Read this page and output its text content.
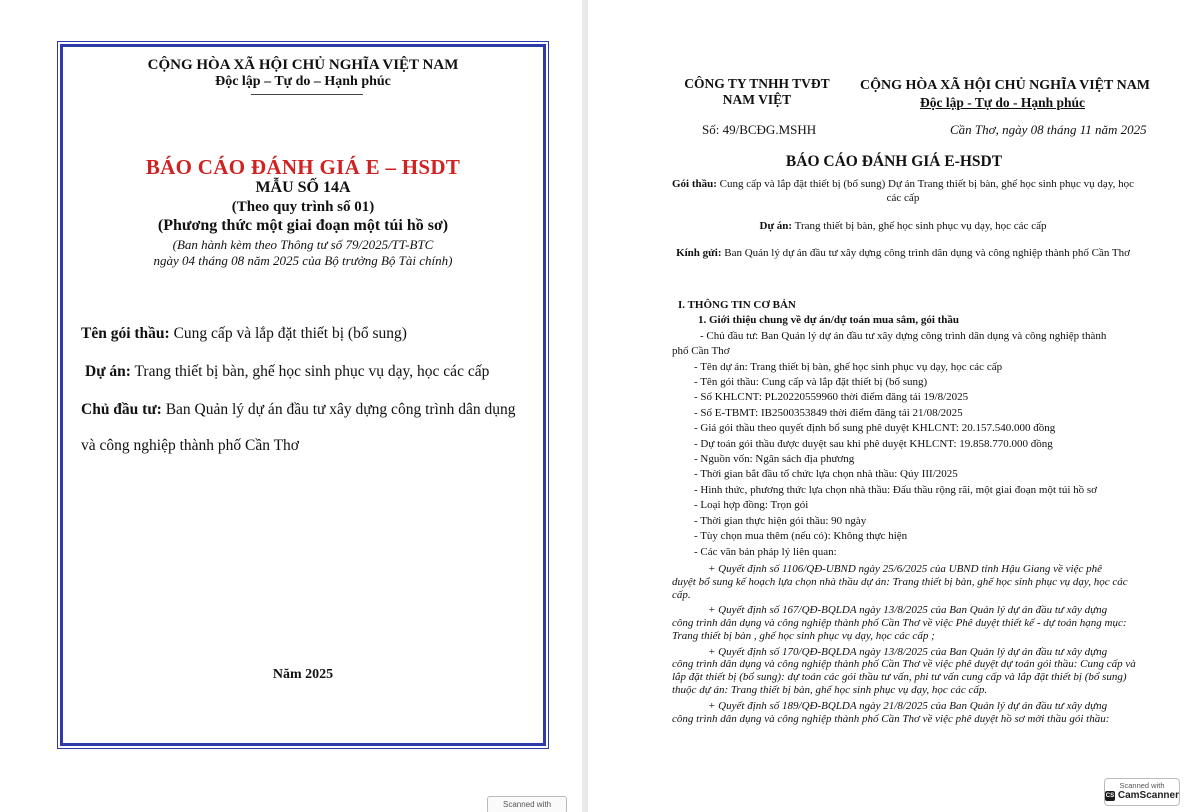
CỘNG HÒA XÃ HỘI CHỦ NGHĨA VIỆT NAM
Độc lập – Tự do – Hạnh phúc
BÁO CÁO ĐÁNH GIÁ E – HSDT
MẪU SỐ 14A
(Theo quy trình số 01)
(Phương thức một giai đoạn một túi hồ sơ)
(Ban hành kèm theo Thông tư số 79/2025/TT-BTC
ngày 04 tháng 08 năm 2025 của Bộ trưởng Bộ Tài chính)
Tên gói thầu: Cung cấp và lắp đặt thiết bị (bổ sung)
Dự án: Trang thiết bị bàn, ghế học sinh phục vụ dạy, học các cấp
Chủ đầu tư: Ban Quản lý dự án đầu tư xây dựng công trình dân dụng
và công nghiệp thành phố Cần Thơ
Năm 2025
Scanned with
CÔNG TY TNHH TVĐT
NAM VIỆT
CỘNG HÒA XÃ HỘI CHỦ NGHĨA VIỆT NAM
Độc lập - Tự do - Hạnh phúc
Số: 49/BCĐG.MSHH	Cần Thơ, ngày 08 tháng 11 năm 2025
BÁO CÁO ĐÁNH GIÁ E-HSDT
Gói thầu: Cung cấp và lắp đặt thiết bị (bổ sung) Dự án Trang thiết bị bàn, ghế học sinh phục vụ dạy, học các cấp
Dự án: Trang thiết bị bàn, ghế học sinh phục vụ dạy, học các cấp
Kính gửi: Ban Quản lý dự án đầu tư xây dựng công trình dân dụng và công nghiệp thành phố Cần Thơ
I. THÔNG TIN CƠ BẢN
1. Giới thiệu chung về dự án/dự toán mua sắm, gói thầu
- Chủ đầu tư: Ban Quản lý dự án đầu tư xây dựng công trình dân dụng và công nghiệp thành
phố Cần Thơ
- Tên dự án: Trang thiết bị bàn, ghế học sinh phục vụ dạy, học các cấp
- Tên gói thầu: Cung cấp và lắp đặt thiết bị (bổ sung)
- Số KHLCNT: PL20220559960 thời điểm đăng tải 19/8/2025
- Số E-TBMT: IB2500353849 thời điểm đăng tải 21/08/2025
- Giá gói thầu theo quyết định bổ sung phê duyệt KHLCNT: 20.157.540.000 đồng
- Dự toán gói thầu được duyệt sau khi phê duyệt KHLCNT: 19.858.770.000 đồng
- Nguồn vốn: Ngân sách địa phương
- Thời gian bắt đầu tổ chức lựa chọn nhà thầu: Qúy III/2025
- Hình thức, phương thức lựa chọn nhà thầu: Đấu thầu rộng rãi, một giai đoạn một túi hồ sơ
- Loại hợp đồng: Trọn gói
- Thời gian thực hiện gói thầu: 90 ngày
- Tùy chọn mua thêm (nếu có): Không thực hiện
- Các văn bản pháp lý liên quan:
+ Quyết định số 1106/QĐ-UBND ngày 25/6/2025 của UBND tỉnh Hậu Giang về việc phê
duyệt bổ sung kế hoạch lựa chọn nhà thầu dự án: Trang thiết bị bàn, ghế học sinh phục vụ dạy, học các cấp.
+ Quyết định số 167/QĐ-BQLDA ngày 13/8/2025 của Ban Quản lý dự án đầu tư xây dựng
công trình dân dụng và công nghiệp thành phố Cần Thơ về việc Phê duyệt thiết kế - dự toán hạng mục: Trang thiết bị bàn , ghế học sinh phục vụ dạy, học các cấp ;
+ Quyết định số 170/QĐ-BQLDA ngày 13/8/2025 của Ban Quản lý dự án đầu tư xây dựng
công trình dân dụng và công nghiệp thành phố Cần Thơ về việc phê duyệt dự toán gói thầu: Cung cấp và lắp đặt thiết bị (bổ sung): dự toán các gói thầu tư vấn, phi tư vấn cung cấp và lắp đặt thiết bị (bổ sung) thuộc dự án: Trang thiết bị bàn, ghế học sinh phục vụ dạy, học các cấp.
+ Quyết định số 189/QĐ-BQLDA ngày 21/8/2025 của Ban Quản lý dự án đầu tư xây dựng
công trình dân dụng và công nghiệp thành phố Cần Thơ về việc phê duyệt hồ sơ mời thầu gói thầu:
Scanned with
CS CamScanner
